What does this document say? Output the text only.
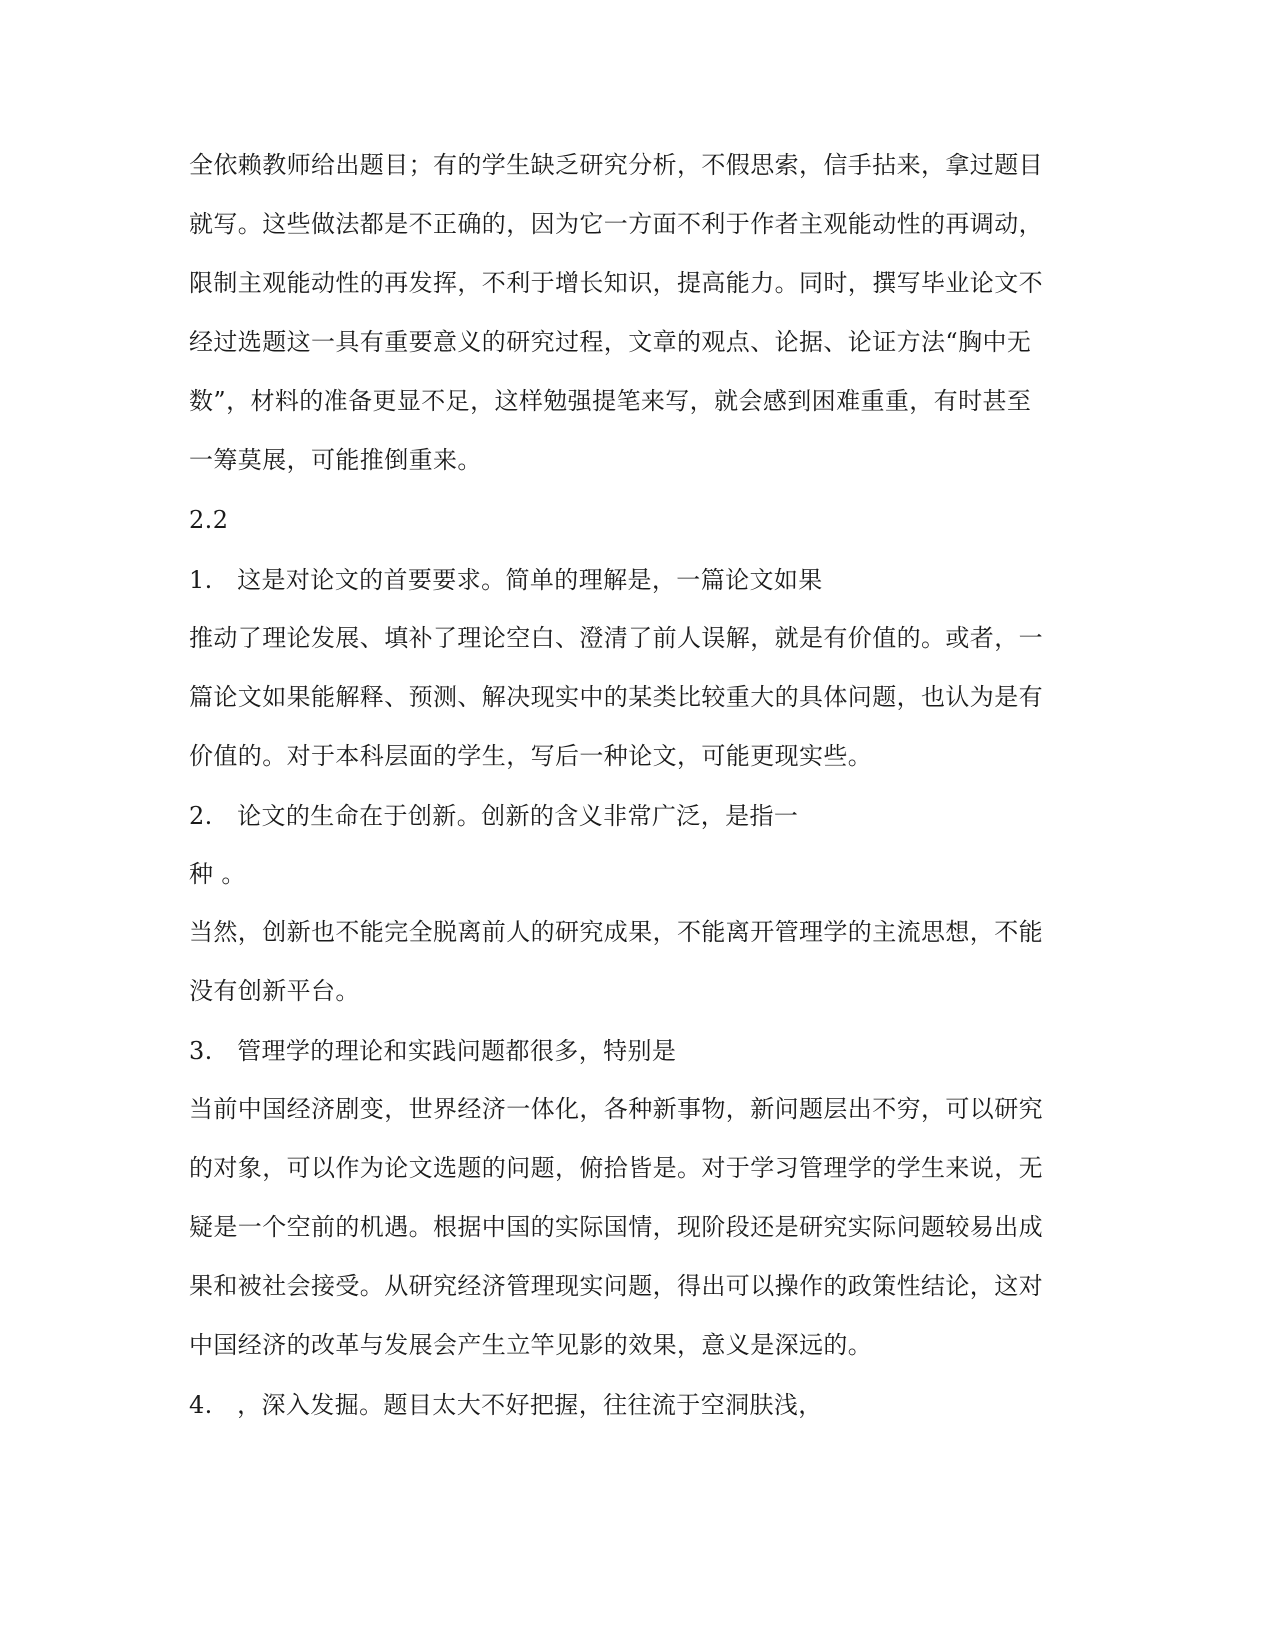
全依赖教师给出题目；有的学生缺乏研究分析，不假思索，信手拈来，拿过题目
就写。这些做法都是不正确的，因为它一方面不利于作者主观能动性的再调动，
限制主观能动性的再发挥，不利于增长知识，提高能力。同时，撰写毕业论文不
经过选题这一具有重要意义的研究过程，文章的观点、论据、论证方法“胸中无
数”，材料的准备更显不足，这样勉强提笔来写，就会感到困难重重，有时甚至
一筹莫展，可能推倒重来。
2.2
1.　这是对论文的首要要求。简单的理解是，一篇论文如果
推动了理论发展、填补了理论空白、澄清了前人误解，就是有价值的。或者，一
篇论文如果能解释、预测、解决现实中的某类比较重大的具体问题，也认为是有
价值的。对于本科层面的学生，写后一种论文，可能更现实些。
2.　论文的生命在于创新。创新的含义非常广泛，是指一
种 。
当然，创新也不能完全脱离前人的研究成果，不能离开管理学的主流思想，不能
没有创新平台。
3.　管理学的理论和实践问题都很多，特别是
当前中国经济剧变，世界经济一体化，各种新事物，新问题层出不穷，可以研究
的对象，可以作为论文选题的问题，俯拾皆是。对于学习管理学的学生来说，无
疑是一个空前的机遇。根据中国的实际国情，现阶段还是研究实际问题较易出成
果和被社会接受。从研究经济管理现实问题，得出可以操作的政策性结论，这对
中国经济的改革与发展会产生立竿见影的效果，意义是深远的。
4.　，深入发掘。题目太大不好把握，往往流于空洞肤浅，
